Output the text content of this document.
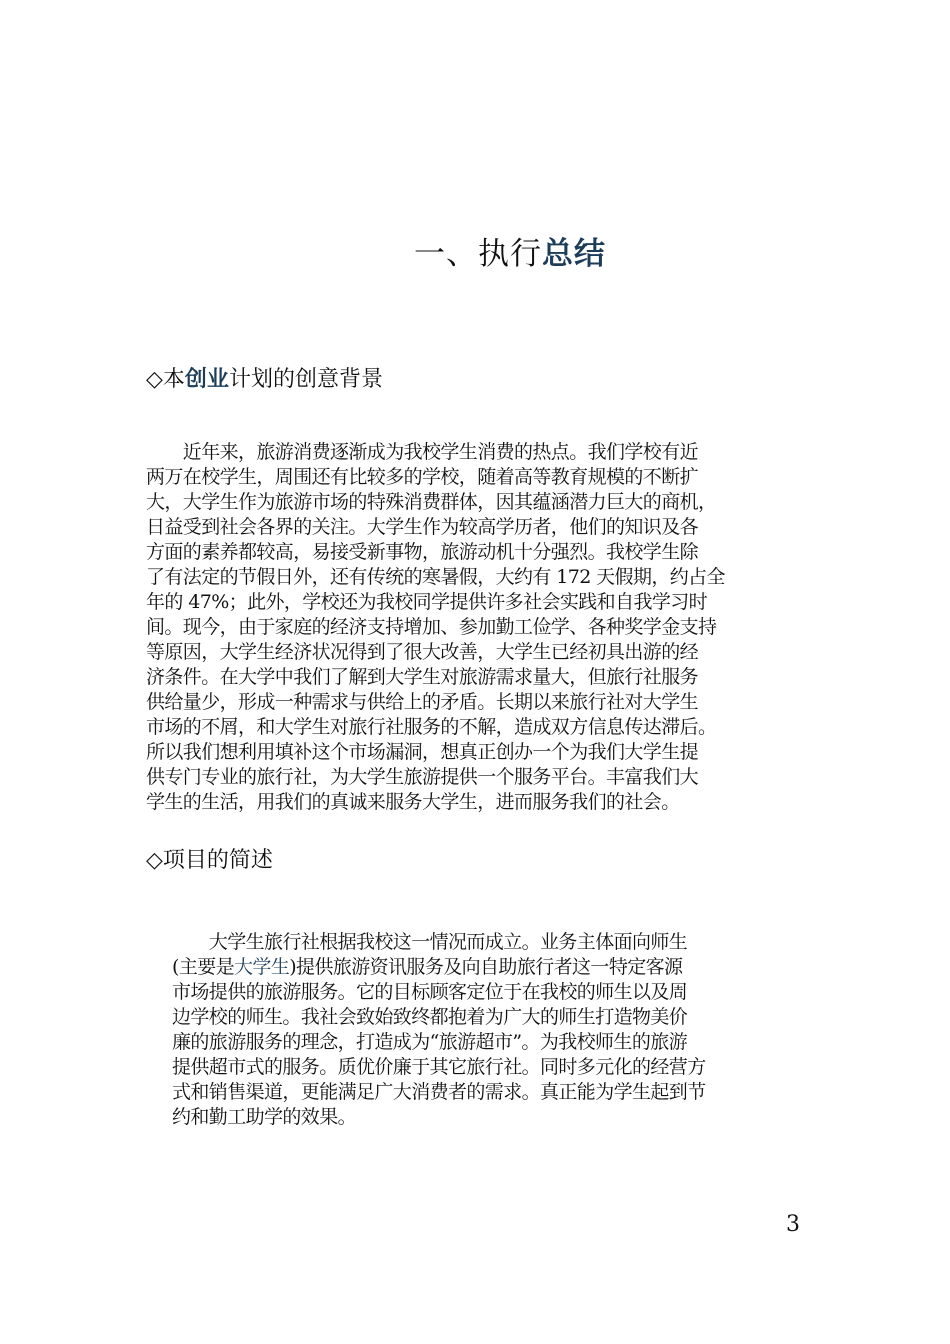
一、执行总结
◇本创业计划的创意背景
　　近年来，旅游消费逐渐成为我校学生消费的热点。我们学校有近
两万在校学生，周围还有比较多的学校，随着高等教育规模的不断扩
大，大学生作为旅游市场的特殊消费群体，因其蕴涵潜力巨大的商机，
日益受到社会各界的关注。大学生作为较高学历者，他们的知识及各
方面的素养都较高，易接受新事物，旅游动机十分强烈。我校学生除
了有法定的节假日外，还有传统的寒暑假，大约有 172 天假期，约占全
年的 47%；此外，学校还为我校同学提供许多社会实践和自我学习时
间。现今，由于家庭的经济支持增加、参加勤工俭学、各种奖学金支持
等原因，大学生经济状况得到了很大改善，大学生已经初具出游的经
济条件。在大学中我们了解到大学生对旅游需求量大，但旅行社服务
供给量少，形成一种需求与供给上的矛盾。长期以来旅行社对大学生
市场的不屑，和大学生对旅行社服务的不解，造成双方信息传达滞后。
所以我们想利用填补这个市场漏洞，想真正创办一个为我们大学生提
供专门专业的旅行社，为大学生旅游提供一个服务平台。丰富我们大
学生的生活，用我们的真诚来服务大学生，进而服务我们的社会。
◇项目的简述
　　大学生旅行社根据我校这一情况而成立。业务主体面向师生
(主要是大学生)提供旅游资讯服务及向自助旅行者这一特定客源
市场提供的旅游服务。它的目标顾客定位于在我校的师生以及周
边学校的师生。我社会致始致终都抱着为广大的师生打造物美价
廉的旅游服务的理念，打造成为“旅游超市”。为我校师生的旅游
提供超市式的服务。质优价廉于其它旅行社。同时多元化的经营方
式和销售渠道，更能满足广大消费者的需求。真正能为学生起到节
约和勤工助学的效果。
3
